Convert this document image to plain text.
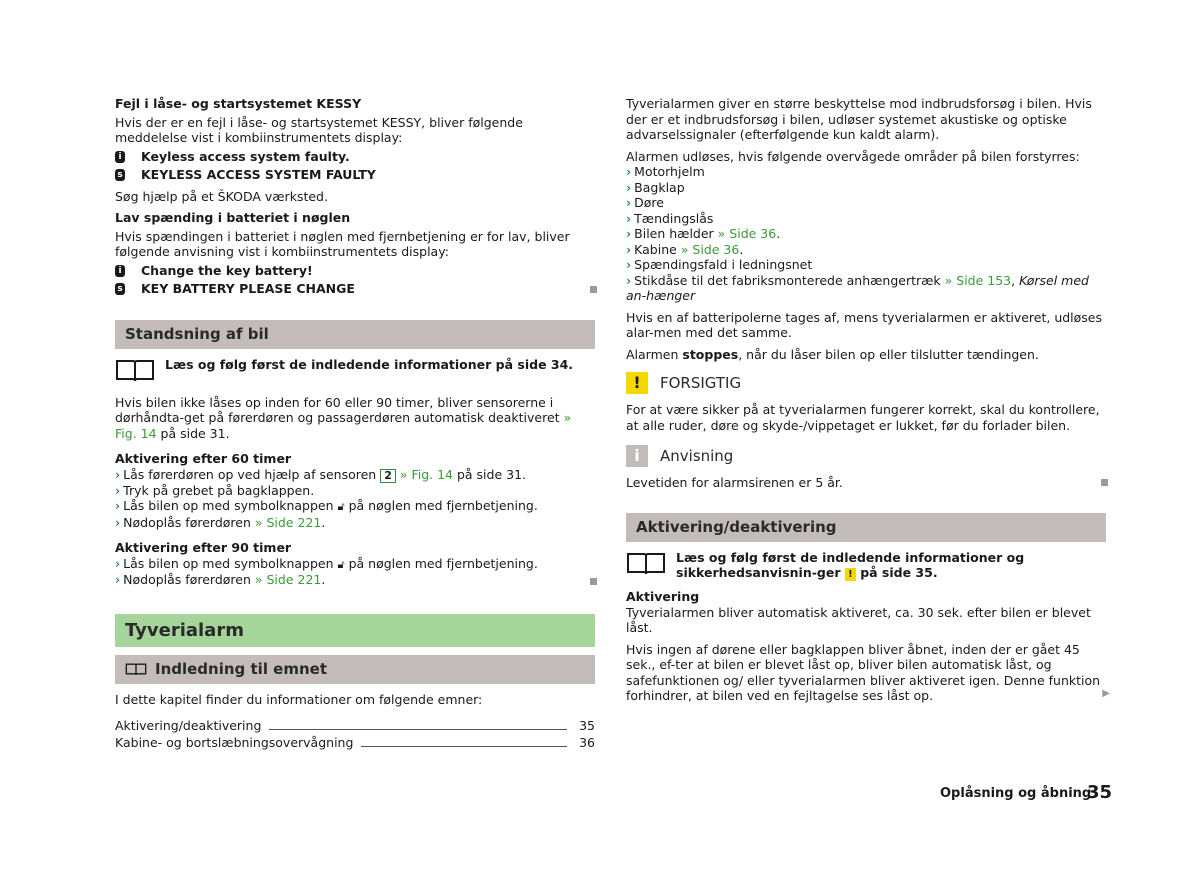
Fejl i låse- og startsystemet KESSY

Hvis der er en fejl i låse- og startsystemet KESSY, bliver følgende meddelelse vist i kombiinstrumentets display:

i Keyless access system faulty.
s KEYLESS ACCESS SYSTEM FAULTY

Søg hjælp på et ŠKODA værksted.

Lav spænding i batteriet i nøglen

Hvis spændingen i batteriet i nøglen med fjernbetjening er for lav, bliver følgende anvisning vist i kombiinstrumentets display:

i Change the key battery!
s KEY BATTERY PLEASE CHANGE
Standsning af bil
Læs og følg først de indledende informationer på side 34.

Hvis bilen ikke låses op inden for 60 eller 90 timer, bliver sensorerne i dørhåndta-get på førerdøren og passagerdøren automatisk deaktiveret » Fig. 14 på side 31.

Aktivering efter 60 timer

› Lås førerdøren op ved hjælp af sensoren 2 » Fig. 14 på side 31.
› Tryk på grebet på bagklappen.
› Lås bilen op med symbolknappen 🔓︎ på nøglen med fjernbetjening.
› Nødoplås førerdøren » Side 221.

Aktivering efter 90 timer

› Lås bilen op med symbolknappen 🔓︎ på nøglen med fjernbetjening.
› Nødoplås førerdøren » Side 221.
Tyverialarm
Indledning til emnet

I dette kapitel finder du informationer om følgende emner:

Aktivering/deaktivering	35
Kabine- og bortslæbningsovervågning	36

Tyverialarmen giver en større beskyttelse mod indbrudsforsøg i bilen. Hvis der er et indbrudsforsøg i bilen, udløser systemet akustiske og optiske advarselssignaler (efterfølgende kun kaldt alarm).

Alarmen udløses, hvis følgende overvågede områder på bilen forstyrres:

› Motorhjelm
› Bagklap
› Døre
› Tændingslås
› Bilen hælder » Side 36.
› Kabine » Side 36.
› Spændingsfald i ledningsnet
› Stikdåse til det fabriksmonterede anhængertræk » Side 153, Kørsel med an-hænger

Hvis en af batteripolerne tages af, mens tyverialarmen er aktiveret, udløses alar-men med det samme.

Alarmen stoppes, når du låser bilen op eller tilslutter tændingen.

!	FORSIGTIG

For at være sikker på at tyverialarmen fungerer korrekt, skal du kontrollere, at alle ruder, døre og skyde-/vippetaget er lukket, før du forlader bilen.

i	Anvisning

Levetiden for alarmsirenen er 5 år.

Aktivering/deaktivering
Læs og følg først de indledende informationer og sikkerhedsanvisnin-ger ! på side 35.

Aktivering

Tyverialarmen bliver automatisk aktiveret, ca. 30 sek. efter bilen er blevet låst.

Hvis ingen af dørene eller bagklappen bliver åbnet, inden der er gået 45 sek., ef-ter at bilen er blevet låst op, bliver bilen automatisk låst, og safefunktionen og/ eller tyverialarmen bliver aktiveret igen. Denne funktion forhindrer, at bilen ved en fejltagelse ses låst op.	▶

Oplåsning og åbning
35
